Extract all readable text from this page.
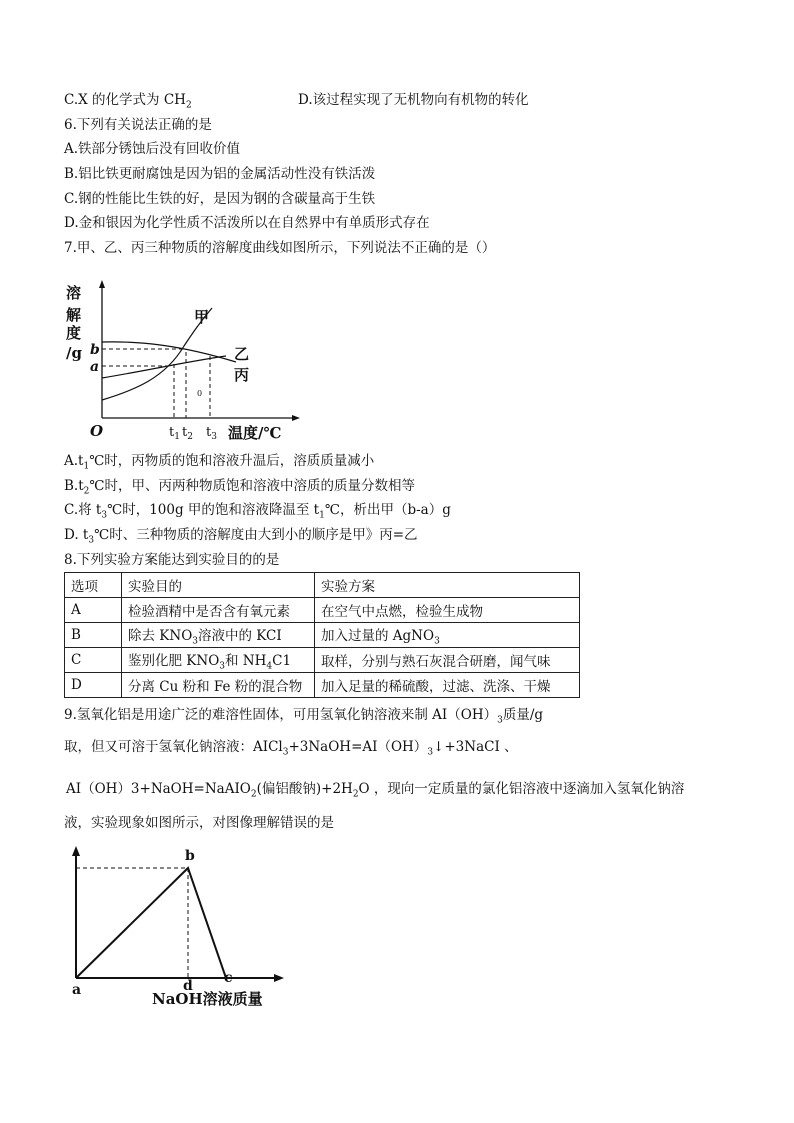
C.X 的化学式为 $CH_2$	D.该过程实现了无机物向有机物的转化
6.下列有关说法正确的是
A.铁部分锈蚀后没有回收价值
B.铝比铁更耐腐蚀是因为铝的金属活动性没有铁活泼
C.钢的性能比生铁的好，是因为钢的含碳量高于生铁
D.金和银因为化学性质不活泼所以在自然界中有单质形式存在
7.甲、乙、丙三种物质的溶解度曲线如图所示，下列说法不正确的是（）
溶
解
度
/g
O
b
a
0
甲
乙
丙
$t_1$ $t_2$ $t_3$ 温度/℃
$A.t_1℃$时，丙物质的饱和溶液升温后，溶质质量减小
$B.t_2℃$时，甲、丙两种物质饱和溶液中溶质的质量分数相等
C.将 $t_3℃$时，100g 甲的饱和溶液降温至 $t_1℃$，析出甲（b-a）g
D. $t_3℃$时、三种物质的溶解度由大到小的顺序是甲》丙=乙
8.下列实验方案能达到实验目的的是
选项	实验目的	实验方案
A	检验酒精中是否含有氧元素	在空气中点燃，检验生成物
B	除去 $KNO_3$溶液中的 KCI	加入过量的 AgNO$_3$
C	鉴别化肥 $KNO_3$和 $NH_4C1$	取样，分别与熟石灰混合研磨，闻气味
D	分离 Cu 粉和 Fe 粉的混合物	加入足量的稀硫酸，过滤、洗涤、干燥
9.氢氧化铝是用途广泛的难溶性固体，可用氢氧化钠溶液来制 $AI(OH)_3$质量/g
取，但又可溶于氢氧化钠溶液：$AICl_3+3NaOH=AI(OH)_3↓+3NaCI$ 、
AI（OH）3+NaOH=NaAIO$_2$(偏铝酸钠)$+2H_2O$ ，现向一定质量的氯化铝溶液中逐滴加入氢氧化钠溶
液，实验现象如图所示，对图像理解错误的是
a
b
d c
NaOH溶液质量
